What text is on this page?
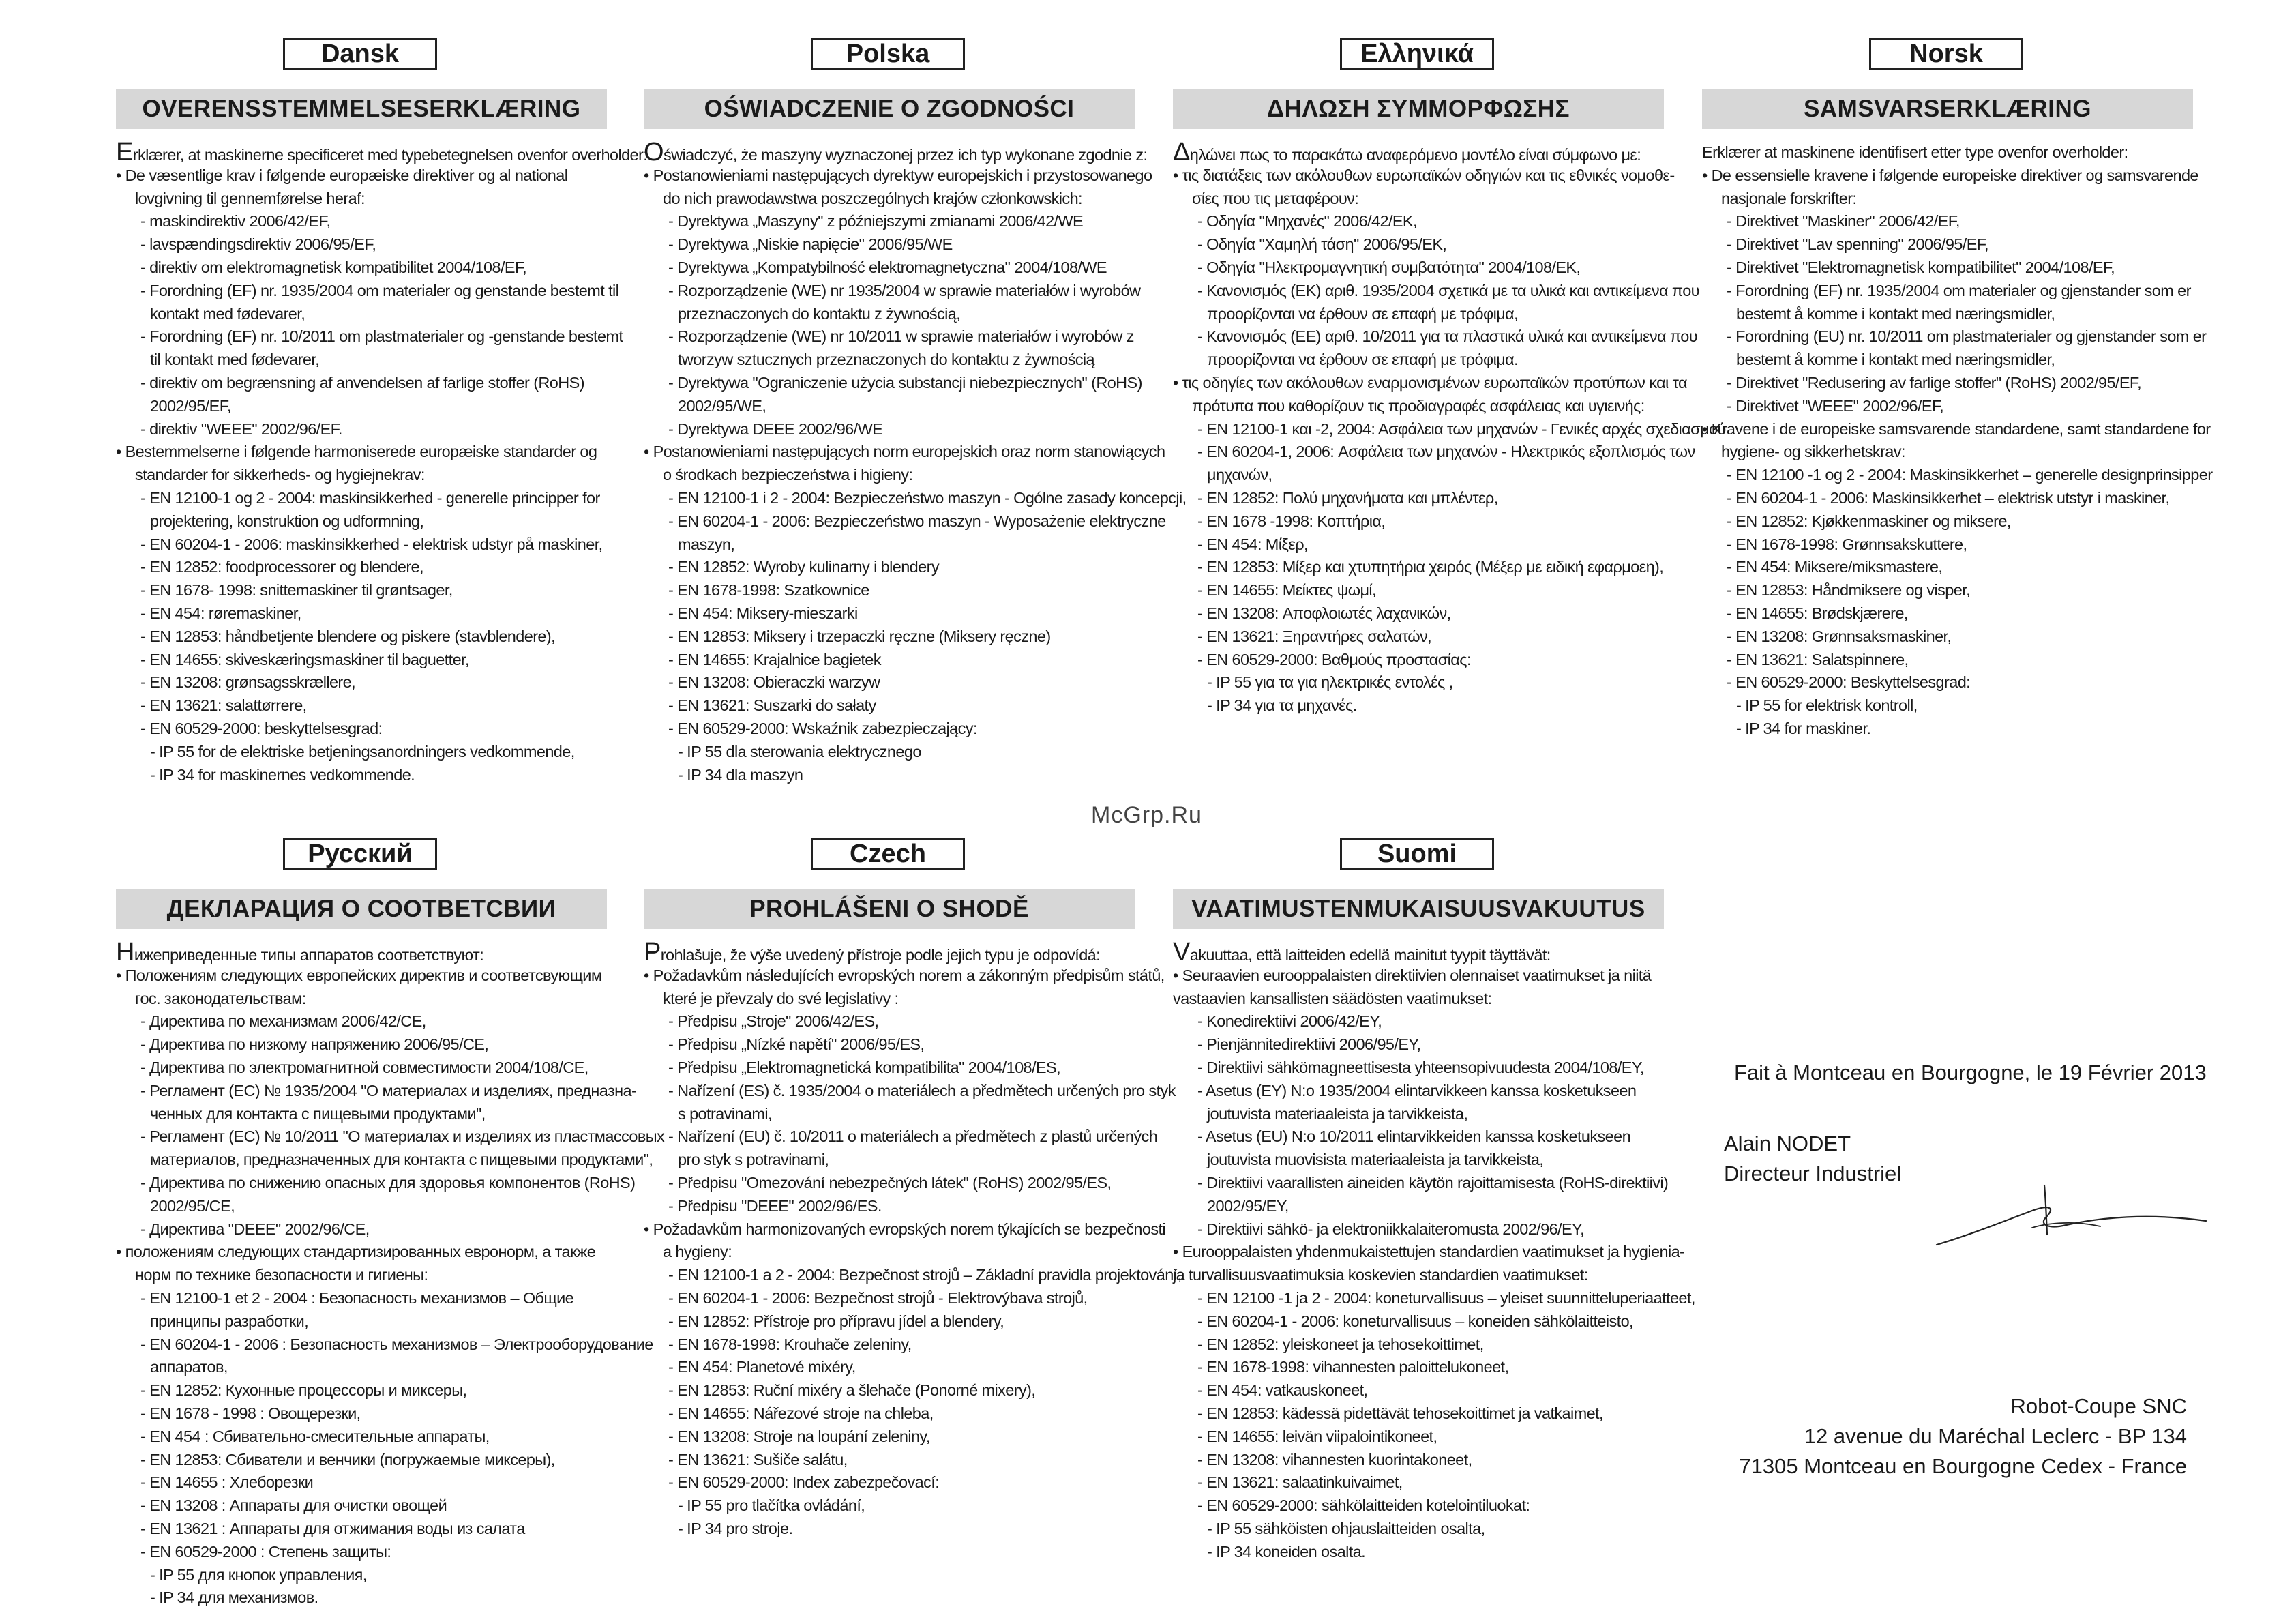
Dansk
OVERENSSTEMMELSESERKLÆRING
Erklærer, at maskinerne specificeret med typebetegnelsen ovenfor overholder:
• De væsentlige krav i følgende europæiske direktiver og al national
lovgivning til gennemførelse heraf:
- maskindirektiv 2006/42/EF,
- lavspændingsdirektiv 2006/95/EF,
- direktiv om elektromagnetisk kompatibilitet 2004/108/EF,
- Forordning (EF) nr. 1935/2004 om materialer og genstande bestemt til
kontakt med fødevarer,
- Forordning (EF) nr. 10/2011 om plastmaterialer og -genstande bestemt
til kontakt med fødevarer,
- direktiv om begrænsning af anvendelsen af farlige stoffer (RoHS)
2002/95/EF,
- direktiv "WEEE" 2002/96/EF.
• Bestemmelserne i følgende harmoniserede europæiske standarder og
standarder for sikkerheds- og hygiejnekrav:
- EN 12100-1 og 2 - 2004: maskinsikkerhed - generelle principper for
projektering, konstruktion og udformning,
- EN 60204-1 - 2006: maskinsikkerhed - elektrisk udstyr på maskiner,
- EN 12852: foodprocessorer og blendere,
- EN 1678- 1998: snittemaskiner til grøntsager,
- EN 454: røremaskiner,
- EN 12853: håndbetjente blendere og piskere (stavblendere),
- EN 14655: skiveskæringsmaskiner til baguetter,
- EN 13208: grønsagsskrællere,
- EN 13621: salattørrere,
- EN 60529-2000: beskyttelsesgrad:
- IP 55 for de elektriske betjeningsanordningers vedkommende,
- IP 34 for maskinernes vedkommende.
Polska
OŚWIADCZENIE O ZGODNOŚCI
Oświadczyć, że maszyny wyznaczonej przez ich typ wykonane zgodnie z:
• Postanowieniami następujących dyrektyw europejskich i przystosowanego
do nich prawodawstwa poszczególnych krajów członkowskich:
- Dyrektywa „Maszyny" z późniejszymi zmianami 2006/42/WE
- Dyrektywa „Niskie napięcie" 2006/95/WE
- Dyrektywa „Kompatybilność elektromagnetyczna" 2004/108/WE
- Rozporządzenie (WE) nr 1935/2004 w sprawie materiałów i wyrobów
przeznaczonych do kontaktu z żywnością,
- Rozporządzenie (WE) nr 10/2011 w sprawie materiałów i wyrobów z
tworzyw sztucznych przeznaczonych do kontaktu z żywnością
- Dyrektywa "Ograniczenie użycia substancji niebezpiecznych" (RoHS)
2002/95/WE,
- Dyrektywa DEEE 2002/96/WE
• Postanowieniami następujących norm europejskich oraz norm stanowiących
o środkach bezpieczeństwa i higieny:
- EN 12100-1 i 2 - 2004: Bezpieczeństwo maszyn - Ogólne zasady koncepcji,
- EN 60204-1 - 2006: Bezpieczeństwo maszyn - Wyposażenie elektryczne
maszyn,
- EN 12852: Wyroby kulinarny i blendery
- EN 1678-1998: Szatkownice
- EN 454: Miksery-mieszarki
- EN 12853: Miksery i trzepaczki ręczne (Miksery ręczne)
- EN 14655: Krajalnice bagietek
- EN 13208: Obieraczki warzyw
- EN 13621: Suszarki do sałaty
- EN 60529-2000: Wskaźnik zabezpieczający:
- IP 55 dla sterowania elektrycznego
- IP 34 dla maszyn
Ελληνικά
ΔΗΛΩΣΗ ΣΥΜΜΟΡΦΩΣΗΣ
Δηλώνει πως το παρακάτω αναφερόμενο μοντέλο είναι σύμφωνο με:
• τις διατάξεις των ακόλουθων ευρωπαϊκών οδηγιών και τις εθνικές νομοθε-
σίες που τις μεταφέρουν:
- Οδηγία "Μηχανές" 2006/42/ΕΚ,
- Οδηγία "Χαμηλή τάση" 2006/95/ΕΚ,
- Οδηγία "Ηλεκτρομαγνητική συμβατότητα" 2004/108/ΕΚ,
- Κανονισμός (ΕΚ) αριθ. 1935/2004 σχετικά με τα υλικά και αντικείμενα που
προορίζονται να έρθουν σε επαφή με τρόφιμα,
- Κανονισμός (ΕΕ) αριθ. 10/2011 για τα πλαστικά υλικά και αντικείμενα που
προορίζονται να έρθουν σε επαφή με τρόφιμα.
• τις οδηγίες των ακόλουθων εναρμονισμένων ευρωπαϊκών προτύπων και τα
πρότυπα που καθορίζουν τις προδιαγραφές ασφάλειας και υγιεινής:
- EN 12100-1 και -2, 2004: Ασφάλεια των μηχανών - Γενικές αρχές σχεδιασμού
- EN 60204-1, 2006: Ασφάλεια των μηχανών - Ηλεκτρικός εξοπλισμός των
μηχανών,
- EN 12852: Πολύ μηχανήματα και μπλέντερ,
- EN 1678 -1998: Κοπτήρια,
- EN 454: Μίξερ,
- EN 12853: Μίξερ και χτυπητήρια χειρός (Μέξερ με ειδική εφαρμοεη),
- EN 14655: Μείκτες ψωμί,
- EN 13208: Αποφλοιωτές λαχανικών,
- EN 13621: Ξηραντήρες σαλατών,
- EN 60529-2000: Βαθμούς προστασίας:
- IP 55 για τα για ηλεκτρικές εντολές ,
- IP 34 για τα μηχανές.
Norsk
SAMSVARSERKLÆRING
Erklærer at maskinene identifisert etter type ovenfor overholder:
• De essensielle kravene i følgende europeiske direktiver og samsvarende
nasjonale forskrifter:
- Direktivet "Maskiner" 2006/42/EF,
- Direktivet "Lav spenning" 2006/95/EF,
- Direktivet "Elektromagnetisk kompatibilitet" 2004/108/EF,
- Forordning (EF) nr. 1935/2004 om materialer og gjenstander som er
bestemt å komme i kontakt med næringsmidler,
- Forordning (EU) nr. 10/2011 om plastmaterialer og gjenstander som er
bestemt å komme i kontakt med næringsmidler,
- Direktivet "Redusering av farlige stoffer" (RoHS) 2002/95/EF,
- Direktivet "WEEE" 2002/96/EF,
• Kravene i de europeiske samsvarende standardene, samt standardene for
hygiene- og sikkerhetskrav:
- EN 12100 -1 og 2 - 2004: Maskinsikkerhet – generelle designprinsipper
- EN 60204-1 - 2006: Maskinsikkerhet – elektrisk utstyr i maskiner,
- EN 12852: Kjøkkenmaskiner og miksere,
- EN 1678-1998: Grønnsakskuttere,
- EN 454: Miksere/miksmastere,
- EN 12853: Håndmiksere og visper,
- EN 14655: Brødskjærere,
- EN 13208: Grønnsaksmaskiner,
- EN 13621: Salatspinnere,
- EN 60529-2000: Beskyttelsesgrad:
- IP 55 for elektrisk kontroll,
- IP 34 for maskiner.
Русский
ДЕКЛАРАЦИЯ О СООТВЕТСВИИ
Нижеприведенные типы аппаратов соответствуют:
• Положениям следующих европейских директив и соответсвующим
гос. законодательствам:
- Директива по механизмам 2006/42/CE,
- Директива по низкому напряжению 2006/95/CE,
- Директива по электромагнитной совместимости 2004/108/CE,
- Регламент (ЕС) № 1935/2004 "О материалах и изделиях, предназна-
ченных для контакта с пищевыми продуктами",
- Регламент (ЕС) № 10/2011 "О материалах и изделиях из пластмассовых
материалов, предназначенных для контакта с пищевыми продуктами",
- Директива по снижению опасных для здоровья компонентов (RoHS)
2002/95/CE,
- Директива "DEEE" 2002/96/CE,
• положениям следующих стандартизированных евронорм, а также
норм по технике безопасности и гигиены:
- EN 12100-1 et 2 - 2004 : Безопасность механизмов – Общие
принципы разработки,
- EN 60204-1 - 2006 : Безопасность механизмов – Электрооборудование
аппаратов,
- EN 12852: Кухонные процессоры и миксеры,
- EN 1678 - 1998 : Овощерезки,
- EN 454 : Сбивательно-смесительные аппараты,
- EN 12853: Сбиватели и венчики (погружаемые миксеры),
- EN 14655 : Хлеборезки
- EN 13208 : Аппараты для очистки овощей
- EN 13621 : Аппараты для отжимания воды из салата
- EN 60529-2000 : Степень защиты:
- IP 55 для кнопок управления,
- IP 34 для механизмов.
Czech
PROHLÁŠENI O SHODĚ
Prohlašuje, že výše uvedený přístroje podle jejich typu je odpovídá:
• Požadavkům následujících evropských norem a zákonným předpisům států,
které je převzaly do své legislativy :
- Předpisu „Stroje" 2006/42/ES,
- Předpisu „Nízké napětí" 2006/95/ES,
- Předpisu „Elektromagnetická kompatibilita" 2004/108/ES,
- Nařízení (ES) č. 1935/2004 o materiálech a předmětech určených pro styk
s potravinami,
- Nařízení (EU) č. 10/2011 o materiálech a předmětech z plastů určených
pro styk s potravinami,
- Předpisu "Omezování nebezpečných látek" (RoHS) 2002/95/ES,
- Předpisu "DEEE" 2002/96/ES.
• Požadavkům harmonizovaných evropských norem týkajících se bezpečnosti
a hygieny:
- EN 12100-1 a 2 - 2004: Bezpečnost strojů – Základní pravidla projektování,
- EN 60204-1 - 2006: Bezpečnost strojů - Elektrovýbava strojů,
- EN 12852: Přístroje pro přípravu jídel a blendery,
- EN 1678-1998: Krouhače zeleniny,
- EN 454: Planetové mixéry,
- EN 12853: Ruční mixéry a šlehače (Ponorné mixery),
- EN 14655: Nářezové stroje na chleba,
- EN 13208: Stroje na loupání zeleniny,
- EN 13621: Sušiče salátu,
- EN 60529-2000: Index zabezpečovací:
- IP 55 pro tlačítka ovládání,
- IP 34 pro stroje.
Suomi
VAATIMUSTENMUKAISUUSVAKUUTUS
Vakuuttaa, että laitteiden edellä mainitut tyypit täyttävät:
• Seuraavien eurooppalaisten direktiivien olennaiset vaatimukset ja niitä
vastaavien kansallisten säädösten vaatimukset:
- Konedirektiivi 2006/42/EY,
- Pienjännitedirektiivi 2006/95/EY,
- Direktiivi sähkömagneettisesta yhteensopivuudesta 2004/108/EY,
- Asetus (EY) N:o 1935/2004 elintarvikkeen kanssa kosketukseen
joutuvista materiaaleista ja tarvikkeista,
- Asetus (EU) N:o 10/2011 elintarvikkeiden kanssa kosketukseen
joutuvista muovisista materiaaleista ja tarvikkeista,
- Direktiivi vaarallisten aineiden käytön rajoittamisesta (RoHS-direktiivi)
2002/95/EY,
- Direktiivi sähkö- ja elektroniikkalaiteromusta 2002/96/EY,
• Eurooppalaisten yhdenmukaistettujen standardien vaatimukset ja hygienia-
ja turvallisuusvaatimuksia koskevien standardien vaatimukset:
- EN 12100 -1 ja 2 - 2004: koneturvallisuus – yleiset suunnitteluperiaatteet,
- EN 60204-1 - 2006: koneturvallisuus – koneiden sähkölaitteisto,
- EN 12852: yleiskoneet ja tehosekoittimet,
- EN 1678-1998: vihannesten paloittelukoneet,
- EN 454: vatkauskoneet,
- EN 12853: kädessä pidettävät tehosekoittimet ja vatkaimet,
- EN 14655: leivän viipalointikoneet,
- EN 13208: vihannesten kuorintakoneet,
- EN 13621: salaatinkuivaimet,
- EN 60529-2000: sähkölaitteiden kotelointiluokat:
- IP 55 sähköisten ohjauslaitteiden osalta,
- IP 34 koneiden osalta.
McGrp.Ru
Fait à Montceau en Bourgogne, le 19 Février 2013
Alain NODET
Directeur Industriel
Robot-Coupe SNC
12 avenue du Maréchal Leclerc - BP 134
71305 Montceau en Bourgogne Cedex - France
